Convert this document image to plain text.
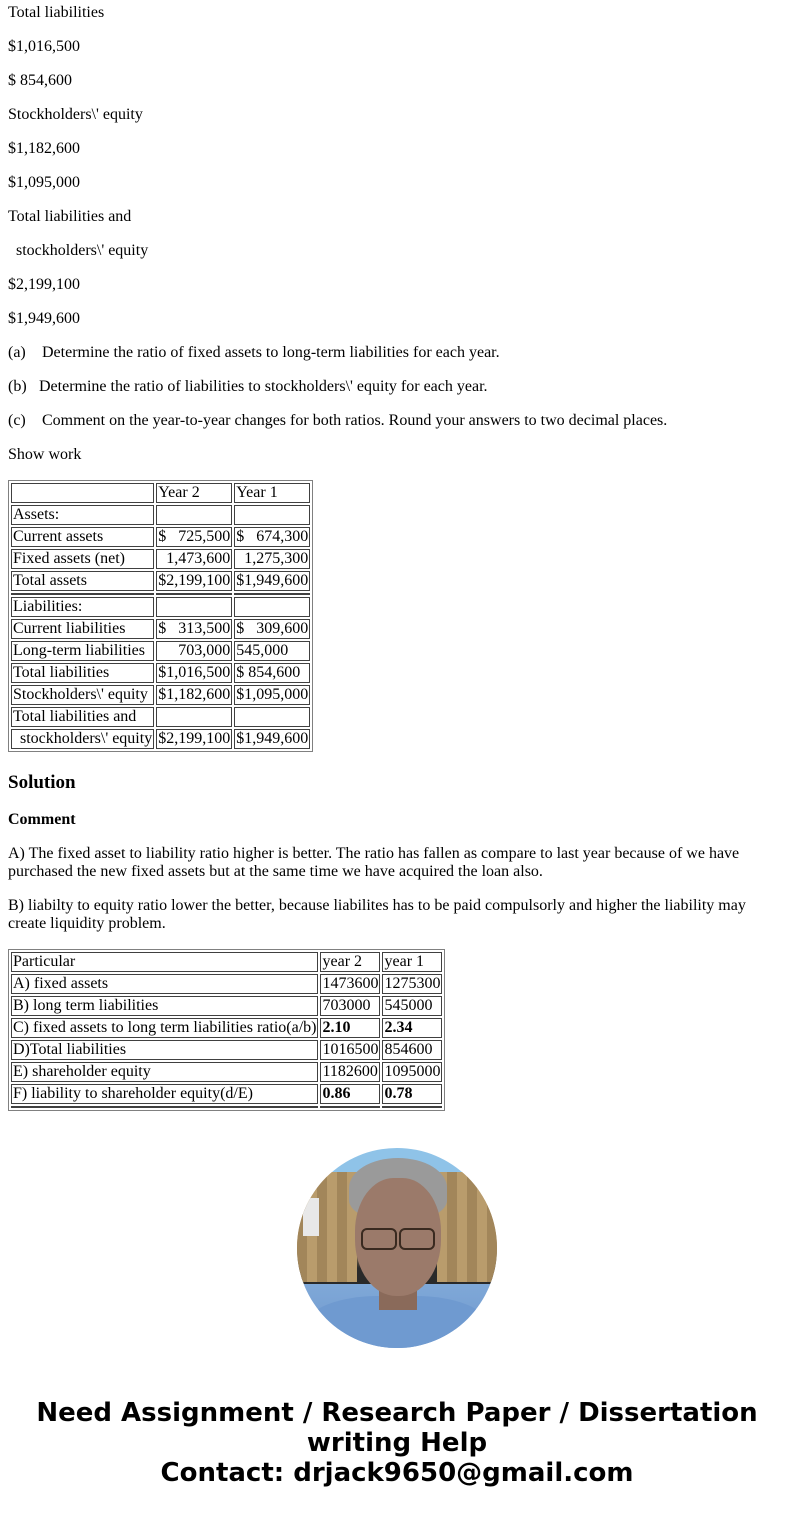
Total liabilities

$1,016,500

$ 854,600

Stockholders\' equity

$1,182,600

$1,095,000

Total liabilities and

stockholders\' equity

$2,199,100

$1,949,600

(a) Determine the ratio of fixed assets to long-term liabilities for each year.

(b) Determine the ratio of liabilities to stockholders\' equity for each year.

(c) Comment on the year-to-year changes for both ratios. Round your answers to two decimal places.

Show work

	Year 2	Year 1
Assets:		
Current assets	$ 725,500	$ 674,300

Fixed assets (net)	1,473,600	1,275,300
Total assets	$2,199,100	$1,949,600

Liabilities:		
Current liabilities	$ 313,500	$ 309,600

Long-term liabilities	703,000	545,000
Total liabilities	$1,016,500	$ 854,600
Stockholders\' equity	$1,182,600	$1,095,000
Total liabilities and		
stockholders\' equity	$2,199,100	$1,949,600
Solution
Comment

A) The fixed asset to liability ratio higher is better. The ratio has fallen as compare to last year because of we have purchased the new fixed assets but at the same time we have acquired the loan also.

B) liabilty to equity ratio lower the better, because liabilites has to be paid compulsorly and higher the liability may create liquidity problem.

Particular	year 2	year 1
A) fixed assets	1473600	1275300
B) long term liabilities	703000	545000
C) fixed assets to long term liabilities ratio(a/b)	2.10	2.34
D)Total liabilities	1016500	854600
E) shareholder equity	1182600	1095000
F) liability to shareholder equity(d/E)	0.86	0.78

Need Assignment / Research Paper / Dissertation
writing Help
Contact: drjack9650@gmail.com
